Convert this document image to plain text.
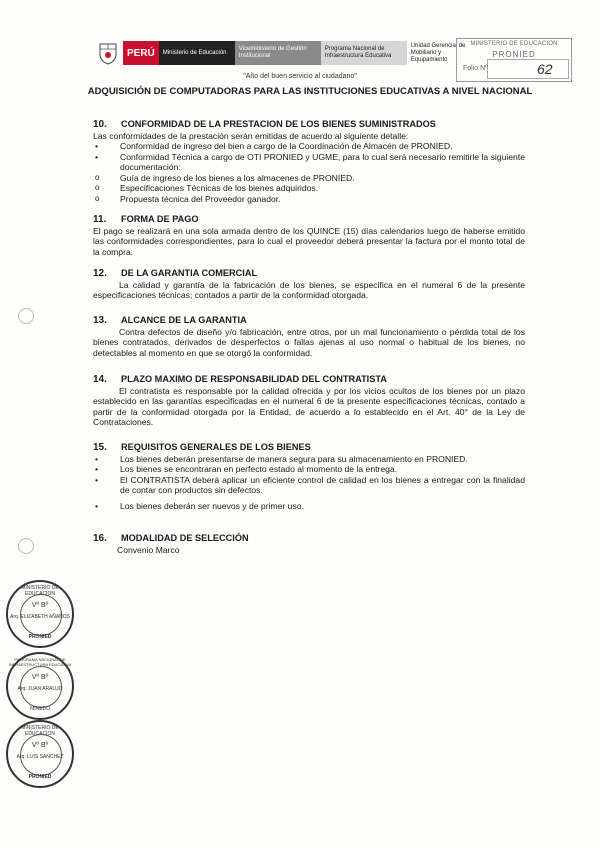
PERÚ	Ministerio de Educación
Viceministerio de Gestión Institucional
Programa Nacional de Infraestructura Educativa
Unidad Gerencial de Mobiliario y Equipamiento
"Año del buen servicio al ciudadano"
MINISTERIO DE EDUCACION
PRONIED
Folio Nº	62
ADQUISICIÓN DE COMPUTADORAS PARA LAS INSTITUCIONES EDUCATIVAS A NIVEL NACIONAL

10. CONFORMIDAD DE LA PRESTACION DE LOS BIENES SUMINISTRADOS

Las conformidades de la prestación serán emitidas de acuerdo al siguiente detalle:

• Conformidad de ingreso del bien a cargo de la Coordinación de Almacén de PRONIED.

• Conformidad Técnica a cargo de OTI PRONIED y UGME, para lo cual será necesario remitirle la siguiente documentación:

o Guía de ingreso de los bienes a los almacenes de PRONIED.

o Especificaciones Técnicas de los bienes adquiridos.

o Propuesta técnica del Proveedor ganador.

11. FORMA DE PAGO

El pago se realizará en una sola armada dentro de los QUINCE (15) días calendarios luego de haberse emitido las conformidades correspondientes, para lo cual el proveedor deberá presentar la factura por el monto total de la compra.

12. DE LA GARANTIA COMERCIAL

La calidad y garantía de la fabricación de los bienes, se especifica en el numeral 6 de la presente especificaciones técnicas; contados a partir de la conformidad otorgada.

13. ALCANCE DE LA GARANTIA

Contra defectos de diseño y/o fabricación, entre otros, por un mal funcionamiento o pérdida total de los bienes contratados, derivados de desperfectos o fallas ajenas al uso normal o habitual de los bienes, no detectables al momento en que se otorgó la conformidad.

14. PLAZO MAXIMO DE RESPONSABILIDAD DEL CONTRATISTA

El contratista es responsable por la calidad ofrecida y por los vicios ocultos de los bienes por un plazo establecido en las garantías especificadas en el numeral 6 de la presente especificaciones técnicas, contado a partir de la conformidad otorgada por la Entidad, de acuerdo a lo establecido en el Art. 40° de la Ley de Contrataciones.

15. REQUISITOS GENERALES DE LOS BIENES

• Los bienes deberán presentarse de manera segura para su almacenamiento en PRONIED.

• Los bienes se encontraran en perfecto estado al momento de la entrega.

• El CONTRATISTA deberá aplicar un eficiente control de calidad en los bienes a entregar con la finalidad de contar con productos sin defectos.

• Los bienes deberán ser nuevos y de primer uso.

16. MODALIDAD DE SELECCIÓN

Convenio Marco

MINISTERIO DE EDUCACION
Vº Bº
Arq. ELIZABETH AÑAÑOS
PRONIED
PROGRAMA NACIONAL DE INFRAESTRUCTURA EDUCATIVA
Vº Bº
Arq. JUAN ARAUJO
MINEDU
MINISTERIO DE EDUCACION
Vº Bº
Arq. LUIS SANCHEZ
PRONIED
